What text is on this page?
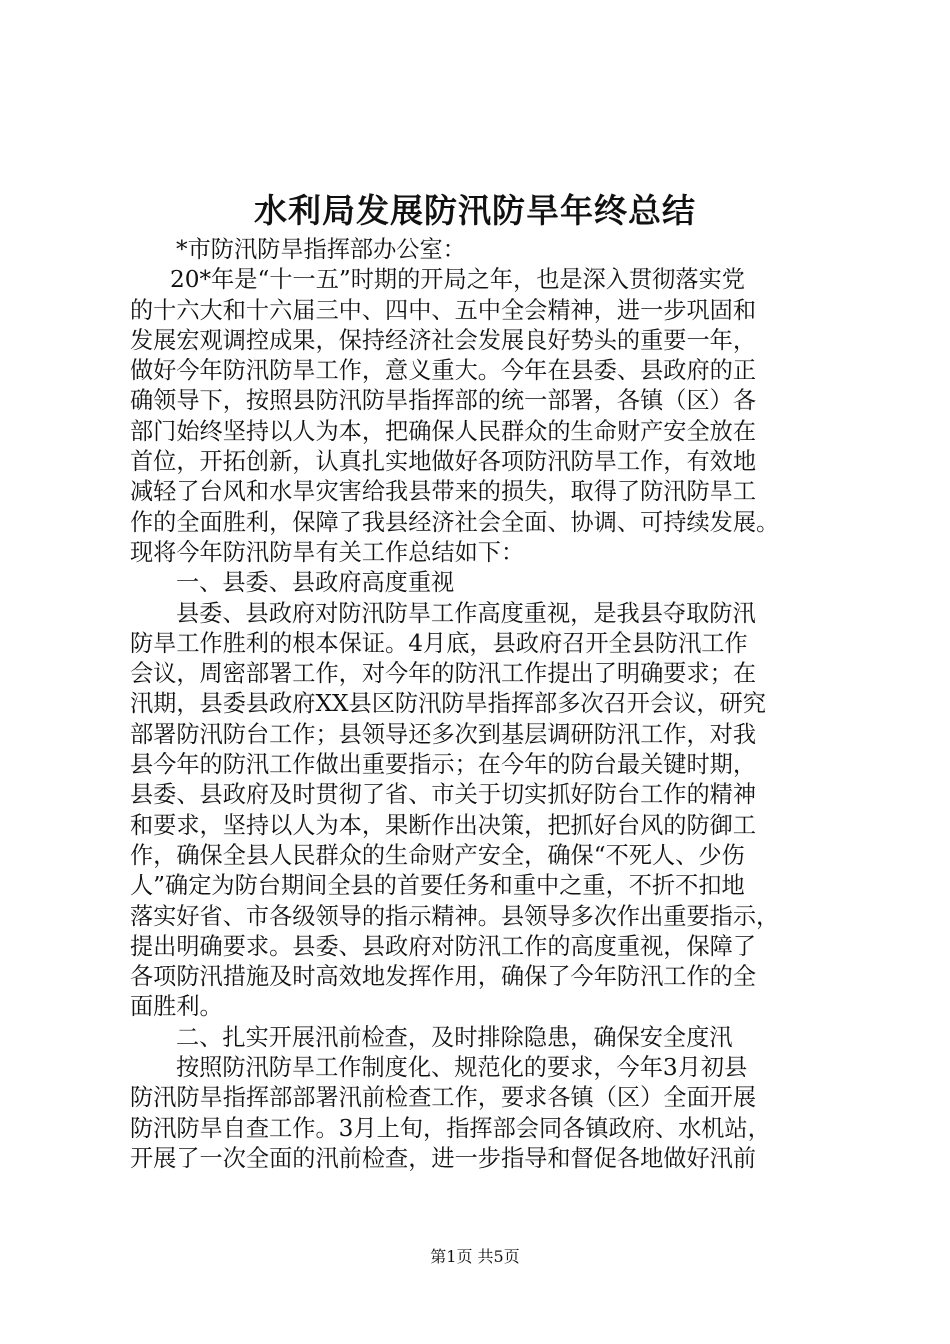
水利局发展防汛防旱年终总结
*市防汛防旱指挥部办公室：
20*年是“十一五”时期的开局之年，也是深入贯彻落实党
的十六大和十六届三中、四中、五中全会精神，进一步巩固和
发展宏观调控成果，保持经济社会发展良好势头的重要一年，
做好今年防汛防旱工作，意义重大。今年在县委、县政府的正
确领导下，按照县防汛防旱指挥部的统一部署，各镇（区）各
部门始终坚持以人为本，把确保人民群众的生命财产安全放在
首位，开拓创新，认真扎实地做好各项防汛防旱工作，有效地
减轻了台风和水旱灾害给我县带来的损失，取得了防汛防旱工
作的全面胜利，保障了我县经济社会全面、协调、可持续发展。
现将今年防汛防旱有关工作总结如下：
一、县委、县政府高度重视
县委、县政府对防汛防旱工作高度重视，是我县夺取防汛
防旱工作胜利的根本保证。4月底，县政府召开全县防汛工作
会议，周密部署工作，对今年的防汛工作提出了明确要求；在
汛期，县委县政府XX县区防汛防旱指挥部多次召开会议，研究
部署防汛防台工作；县领导还多次到基层调研防汛工作，对我
县今年的防汛工作做出重要指示；在今年的防台最关键时期，
县委、县政府及时贯彻了省、市关于切实抓好防台工作的精神
和要求，坚持以人为本，果断作出决策，把抓好台风的防御工
作，确保全县人民群众的生命财产安全，确保“不死人、少伤
人”确定为防台期间全县的首要任务和重中之重，不折不扣地
落实好省、市各级领导的指示精神。县领导多次作出重要指示，
提出明确要求。县委、县政府对防汛工作的高度重视，保障了
各项防汛措施及时高效地发挥作用，确保了今年防汛工作的全
面胜利。
二、扎实开展汛前检查，及时排除隐患，确保安全度汛
按照防汛防旱工作制度化、规范化的要求，今年3月初县
防汛防旱指挥部部署汛前检查工作，要求各镇（区）全面开展
防汛防旱自查工作。3月上旬，指挥部会同各镇政府、水机站，
开展了一次全面的汛前检查，进一步指导和督促各地做好汛前
第1页 共5页
